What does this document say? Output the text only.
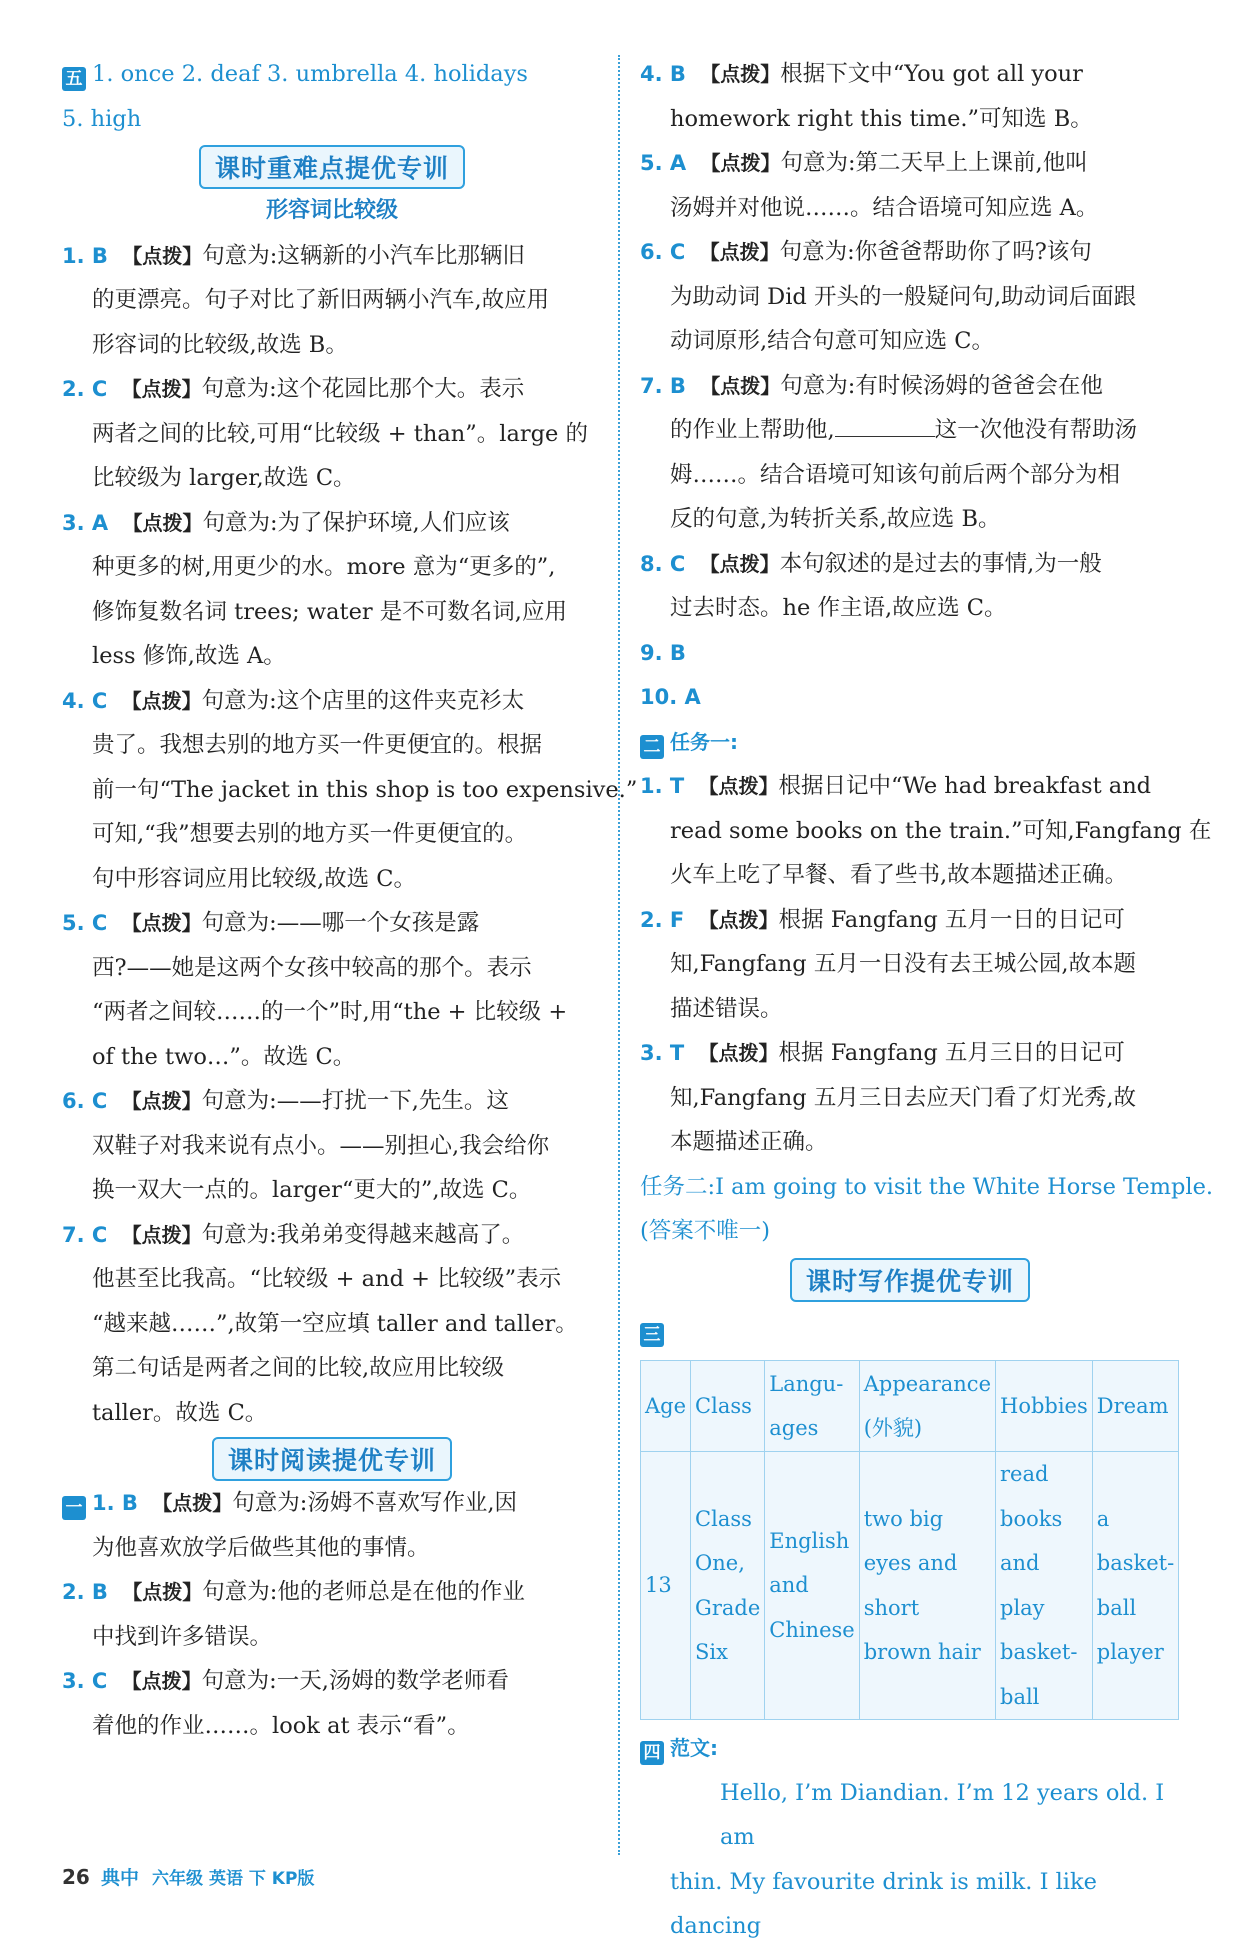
五 1. once 2. deaf 3. umbrella 4. holidays
5. high
课时重难点提优专训
形容词比较级
1. B 【点拨】句意为:这辆新的小汽车比那辆旧
的更漂亮。句子对比了新旧两辆小汽车,故应用
形容词的比较级,故选 B。
2. C 【点拨】句意为:这个花园比那个大。表示
两者之间的比较,可用“比较级 + than”。large 的
比较级为 larger,故选 C。
3. A 【点拨】句意为:为了保护环境,人们应该
种更多的树,用更少的水。more 意为“更多的”,
修饰复数名词 trees; water 是不可数名词,应用
less 修饰,故选 A。
4. C 【点拨】句意为:这个店里的这件夹克衫太
贵了。我想去别的地方买一件更便宜的。根据
前一句“The jacket in this shop is too expensive.”
可知,“我”想要去别的地方买一件更便宜的。
句中形容词应用比较级,故选 C。
5. C 【点拨】句意为:——哪一个女孩是露
西?——她是这两个女孩中较高的那个。表示
“两者之间较……的一个”时,用“the + 比较级 +
of the two…”。故选 C。
6. C 【点拨】句意为:——打扰一下,先生。这
双鞋子对我来说有点小。——别担心,我会给你
换一双大一点的。larger“更大的”,故选 C。
7. C 【点拨】句意为:我弟弟变得越来越高了。
他甚至比我高。“比较级 + and + 比较级”表示
“越来越……”,故第一空应填 taller and taller。
第二句话是两者之间的比较,故应用比较级
taller。故选 C。
课时阅读提优专训
一 1. B 【点拨】句意为:汤姆不喜欢写作业,因
为他喜欢放学后做些其他的事情。
2. B 【点拨】句意为:他的老师总是在他的作业
中找到许多错误。
3. C 【点拨】句意为:一天,汤姆的数学老师看
着他的作业……。look at 表示“看”。
4. B 【点拨】根据下文中“You got all your
homework right this time.”可知选 B。
5. A 【点拨】句意为:第二天早上上课前,他叫
汤姆并对他说……。结合语境可知应选 A。
6. C 【点拨】句意为:你爸爸帮助你了吗?该句
为助动词 Did 开头的一般疑问句,助动词后面跟
动词原形,结合句意可知应选 C。
7. B 【点拨】句意为:有时候汤姆的爸爸会在他
的作业上帮助他,	这一次他没有帮助汤
姆……。结合语境可知该句前后两个部分为相
反的句意,为转折关系,故应选 B。
8. C 【点拨】本句叙述的是过去的事情,为一般
过去时态。he 作主语,故应选 C。
9. B
10. A
二 任务一:
1. T 【点拨】根据日记中“We had breakfast and
read some books on the train.”可知,Fangfang 在
火车上吃了早餐、看了些书,故本题描述正确。
2. F 【点拨】根据 Fangfang 五月一日的日记可
知,Fangfang 五月一日没有去王城公园,故本题
描述错误。
3. T 【点拨】根据 Fangfang 五月三日的日记可
知,Fangfang 五月三日去应天门看了灯光秀,故
本题描述正确。
任务二:I am going to visit the White Horse Temple.
(答案不唯一)
课时写作提优专训
三
Age	Class	Langu-ages	Appearance (外貌)	Hobbies	Dream
13	Class One, Grade Six	English and Chinese	two big eyes and short brown hair	read books and play basket-ball	a basket-ball player
四 范文:
Hello, I’m Diandian. I’m 12 years old. I am
thin. My favourite drink is milk. I like dancing
26 典中 六年级 英语 下 KP版
